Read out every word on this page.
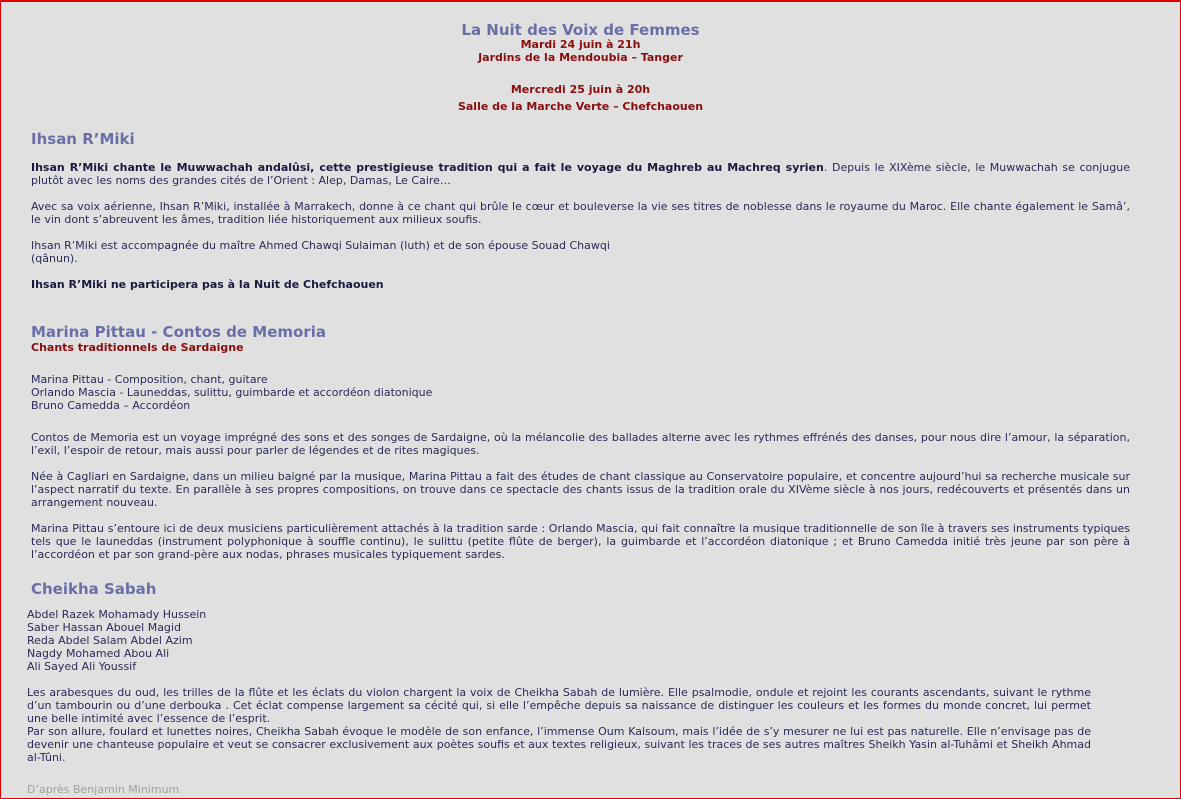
La Nuit des Voix de Femmes
Mardi 24 juin à 21h
Jardins de la Mendoubia – Tanger
Mercredi 25 juin à 20h
Salle de la Marche Verte – Chefchaouen
Ihsan R’Miki

Ihsan R’Miki chante le Muwwachah andalûsi, cette prestigieuse tradition qui a fait le voyage du Maghreb au Machreq syrien. Depuis le XIXème siècle, le Muwwachah se conjugue plutôt avec les noms des grandes cités de l’Orient : Alep, Damas, Le Caire…

Avec sa voix aérienne, Ihsan R’Miki, installée à Marrakech, donne à ce chant qui brûle le cœur et bouleverse la vie ses titres de noblesse dans le royaume du Maroc. Elle chante également le Samâ’, le vin dont s’abreuvent les âmes, tradition liée historiquement aux milieux soufis.

Ihsan R’Miki est accompagnée du maître Ahmed Chawqi Sulaiman (luth) et de son épouse Souad Chawqi
(qânun).
Ihsan R’Miki ne participera pas à la Nuit de Chefchaouen
Marina Pittau - Contos de Memoria
Chants traditionnels de Sardaigne
Marina Pittau - Composition, chant, guitare
Orlando Mascia - Launeddas, sulittu, guimbarde et accordéon diatonique
Bruno Camedda – Accordéon

Contos de Memoria est un voyage imprégné des sons et des songes de Sardaigne, où la mélancolie des ballades alterne avec les rythmes effrénés des danses, pour nous dire l’amour, la séparation, l’exil, l’espoir de retour, mais aussi pour parler de légendes et de rites magiques.

Née à Cagliari en Sardaigne, dans un milieu baigné par la musique, Marina Pittau a fait des études de chant classique au Conservatoire populaire, et concentre aujourd’hui sa recherche musicale sur l’aspect narratif du texte. En parallèle à ses propres compositions, on trouve dans ce spectacle des chants issus de la tradition orale du XIVème siècle à nos jours, redécouverts et présentés dans un arrangement nouveau.

Marina Pittau s’entoure ici de deux musiciens particulièrement attachés à la tradition sarde : Orlando Mascia, qui fait connaître la musique traditionnelle de son île à travers ses instruments typiques tels que le launeddas (instrument polyphonique à souffle continu), le sulittu (petite flûte de berger), la guimbarde et l’accordéon diatonique ; et Bruno Camedda initié très jeune par son père à l’accordéon et par son grand-père aux nodas, phrases musicales typiquement sardes.

Cheikha Sabah
Abdel Razek Mohamady Hussein
Saber Hassan Abouel Magid
Reda Abdel Salam Abdel Azim
Nagdy Mohamed Abou Ali
Ali Sayed Ali Youssif

Les arabesques du oud, les trilles de la flûte et les éclats du violon chargent la voix de Cheikha Sabah de lumière. Elle psalmodie, ondule et rejoint les courants ascendants, suivant le rythme d’un tambourin ou d’une derbouka . Cet éclat compense largement sa cécité qui, si elle l’empêche depuis sa naissance de distinguer les couleurs et les formes du monde concret, lui permet une belle intimité avec l’essence de l’esprit.

Par son allure, foulard et lunettes noires, Cheikha Sabah évoque le modèle de son enfance, l’immense Oum Kalsoum, mais l’idée de s’y mesurer ne lui est pas naturelle. Elle n’envisage pas de devenir une chanteuse populaire et veut se consacrer exclusivement aux poètes soufis et aux textes religieux, suivant les traces de ses autres maîtres Sheikh Yasin al-Tuhâmi et Sheikh Ahmad al-Tûni.

D’après Benjamin Minimum
